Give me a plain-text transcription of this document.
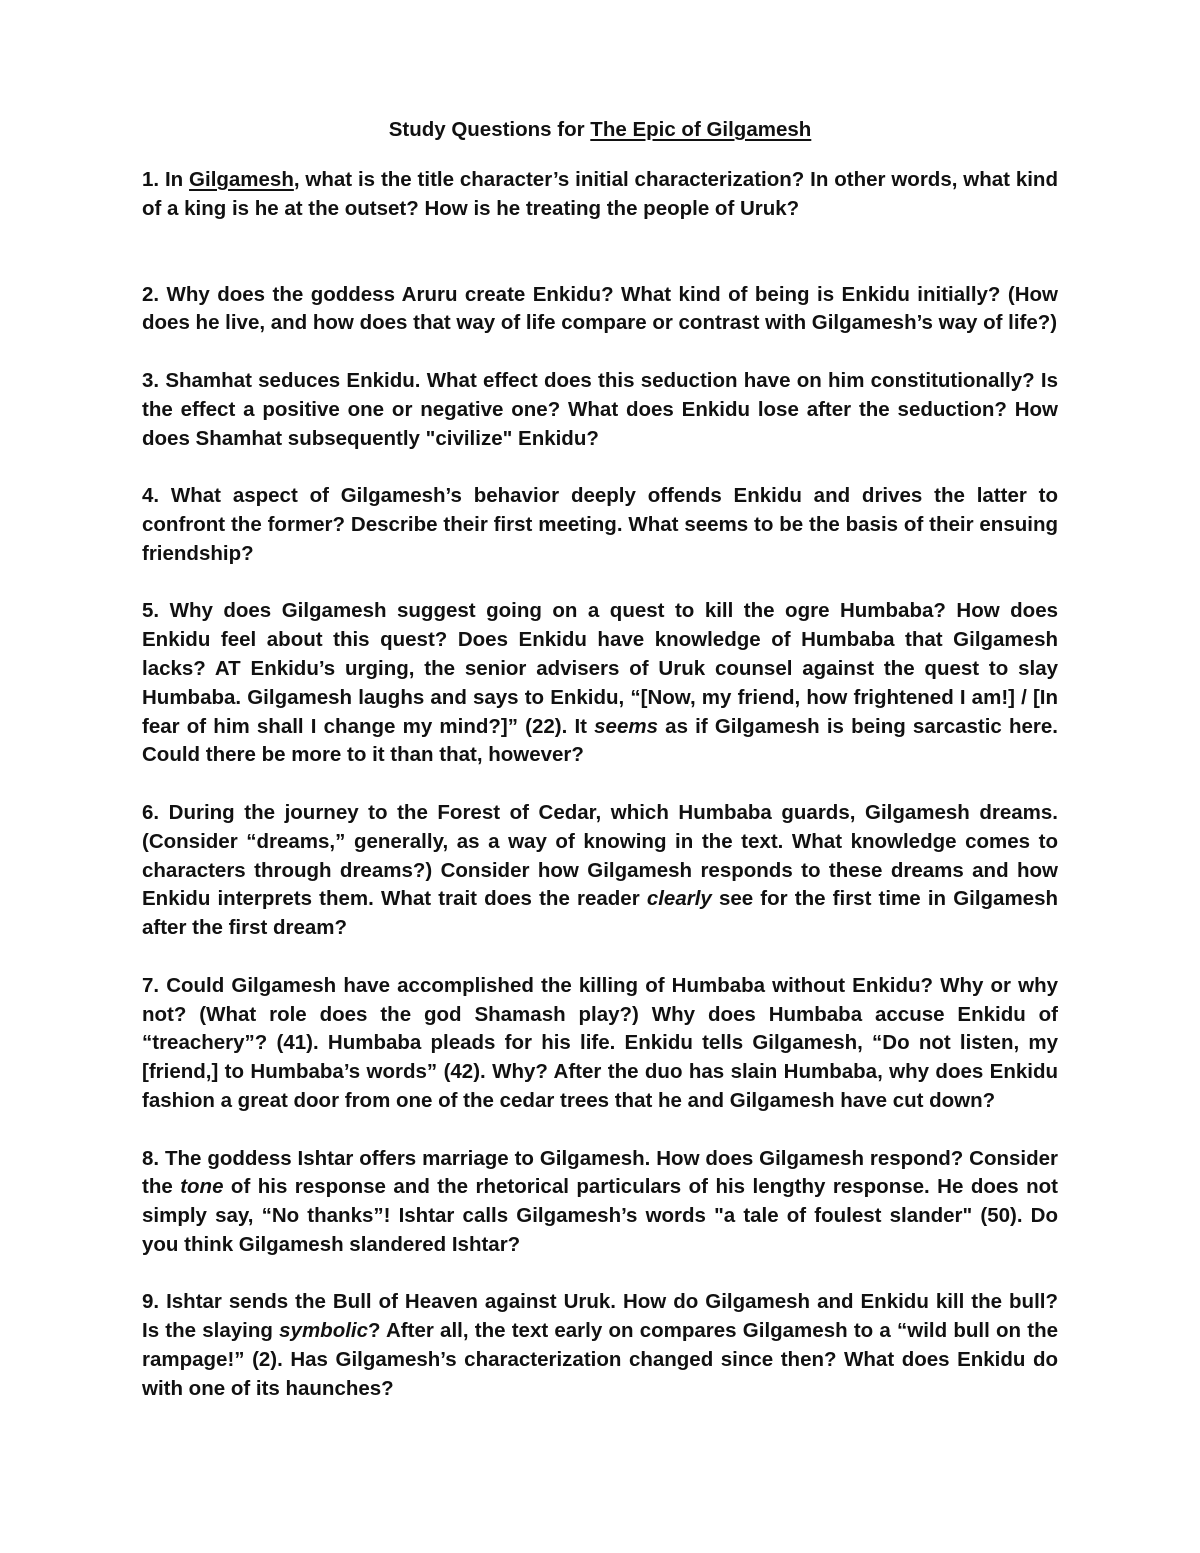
Study Questions for The Epic of Gilgamesh

1. In Gilgamesh, what is the title character’s initial characterization? In other words, what kind of a king is he at the outset? How is he treating the people of Uruk?

2. Why does the goddess Aruru create Enkidu? What kind of being is Enkidu initially? (How does he live, and how does that way of life compare or contrast with Gilgamesh’s way of life?)

3. Shamhat seduces Enkidu. What effect does this seduction have on him constitutionally? Is the effect a positive one or negative one? What does Enkidu lose after the seduction? How does Shamhat subsequently "civilize" Enkidu?

4. What aspect of Gilgamesh’s behavior deeply offends Enkidu and drives the latter to confront the former? Describe their first meeting. What seems to be the basis of their ensuing friendship?

5. Why does Gilgamesh suggest going on a quest to kill the ogre Humbaba? How does Enkidu feel about this quest? Does Enkidu have knowledge of Humbaba that Gilgamesh lacks? AT Enkidu’s urging, the senior advisers of Uruk counsel against the quest to slay Humbaba. Gilgamesh laughs and says to Enkidu, “[Now, my friend, how frightened I am!] / [In fear of him shall I change my mind?]” (22). It seems as if Gilgamesh is being sarcastic here. Could there be more to it than that, however?

6. During the journey to the Forest of Cedar, which Humbaba guards, Gilgamesh dreams. (Consider “dreams,” generally, as a way of knowing in the text. What knowledge comes to characters through dreams?) Consider how Gilgamesh responds to these dreams and how Enkidu interprets them. What trait does the reader clearly see for the first time in Gilgamesh after the first dream?

7. Could Gilgamesh have accomplished the killing of Humbaba without Enkidu? Why or why not? (What role does the god Shamash play?) Why does Humbaba accuse Enkidu of “treachery”? (41). Humbaba pleads for his life. Enkidu tells Gilgamesh, “Do not listen, my [friend,] to Humbaba’s words” (42). Why? After the duo has slain Humbaba, why does Enkidu fashion a great door from one of the cedar trees that he and Gilgamesh have cut down?

8. The goddess Ishtar offers marriage to Gilgamesh. How does Gilgamesh respond? Consider the tone of his response and the rhetorical particulars of his lengthy response. He does not simply say, “No thanks”! Ishtar calls Gilgamesh’s words "a tale of foulest slander" (50). Do you think Gilgamesh slandered Ishtar?

9. Ishtar sends the Bull of Heaven against Uruk. How do Gilgamesh and Enkidu kill the bull? Is the slaying symbolic? After all, the text early on compares Gilgamesh to a “wild bull on the rampage!” (2). Has Gilgamesh’s characterization changed since then? What does Enkidu do with one of its haunches?
